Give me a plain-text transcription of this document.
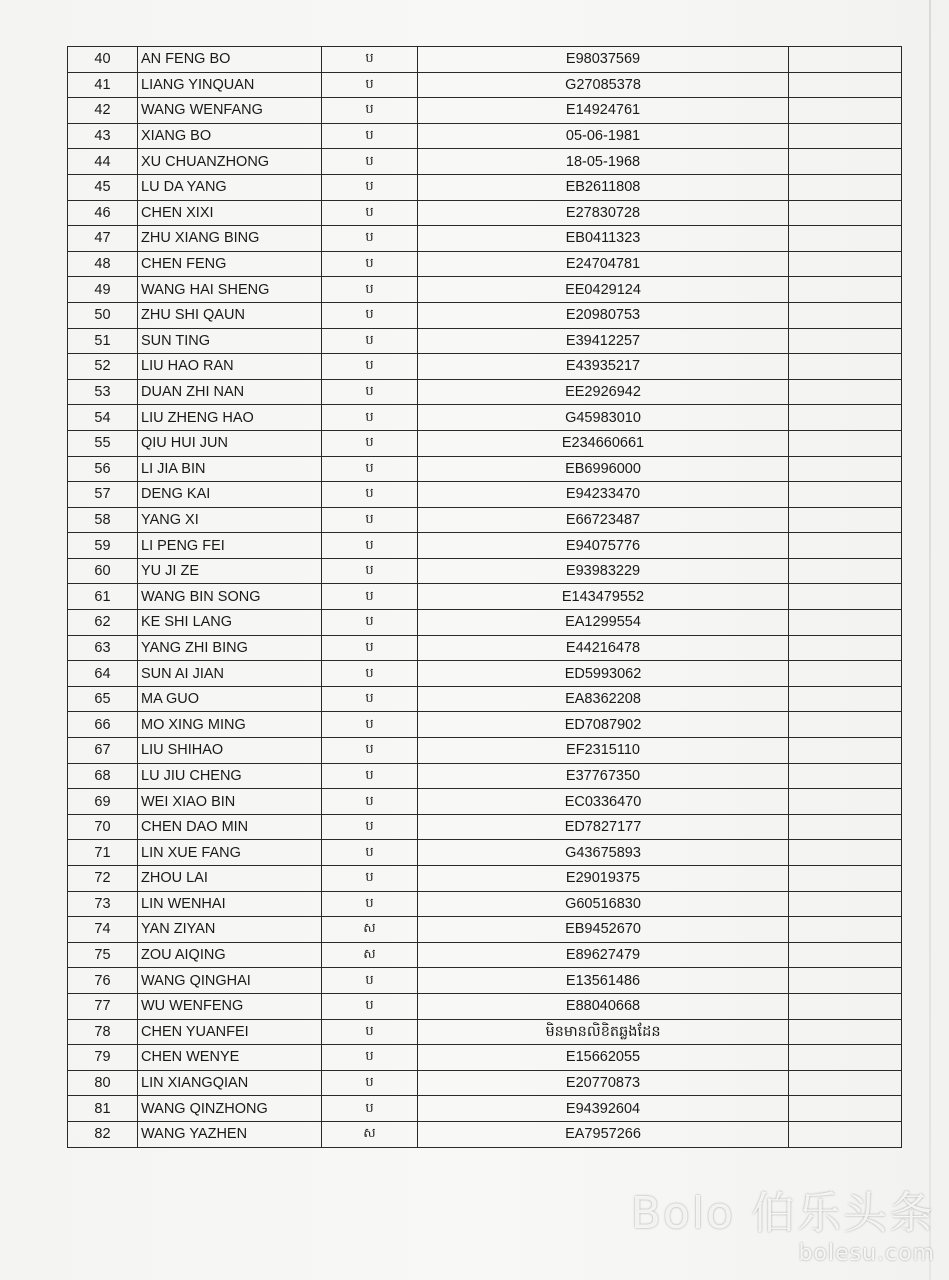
40	AN FENG BO	ប	E98037569	
41	LIANG YINQUAN	ប	G27085378	
42	WANG WENFANG	ប	E14924761	
43	XIANG BO	ប	05-06-1981	
44	XU CHUANZHONG	ប	18-05-1968	
45	LU DA YANG	ប	EB2611808	
46	CHEN XIXI	ប	E27830728	
47	ZHU XIANG BING	ប	EB0411323	
48	CHEN FENG	ប	E24704781	
49	WANG HAI SHENG	ប	EE0429124	
50	ZHU SHI QAUN	ប	E20980753	
51	SUN TING	ប	E39412257	
52	LIU HAO RAN	ប	E43935217	
53	DUAN ZHI NAN	ប	EE2926942	
54	LIU ZHENG HAO	ប	G45983010	
55	QIU HUI JUN	ប	E234660661	
56	LI JIA BIN	ប	EB6996000	
57	DENG KAI	ប	E94233470	
58	YANG XI	ប	E66723487	
59	LI PENG FEI	ប	E94075776	
60	YU JI ZE	ប	E93983229	
61	WANG BIN SONG	ប	E143479552	
62	KE SHI LANG	ប	EA1299554	
63	YANG ZHI BING	ប	E44216478	
64	SUN AI JIAN	ប	ED5993062	
65	MA GUO	ប	EA8362208	
66	MO XING MING	ប	ED7087902	
67	LIU SHIHAO	ប	EF2315110	
68	LU JIU CHENG	ប	E37767350	
69	WEI XIAO BIN	ប	EC0336470	
70	CHEN DAO MIN	ប	ED7827177	
71	LIN XUE FANG	ប	G43675893	
72	ZHOU LAI	ប	E29019375	
73	LIN WENHAI	ប	G60516830	
74	YAN ZIYAN	ស	EB9452670	
75	ZOU AIQING	ស	E89627479	
76	WANG QINGHAI	ប	E13561486	
77	WU WENFENG	ប	E88040668	
78	CHEN YUANFEI	ប	មិនមានលិខិតឆ្លងដែន	
79	CHEN WENYE	ប	E15662055	
80	LIN XIANGQIAN	ប	E20770873	
81	WANG QINZHONG	ប	E94392604	
82	WANG YAZHEN	ស	EA7957266	
Bolo 伯乐头条
bolesu.com
